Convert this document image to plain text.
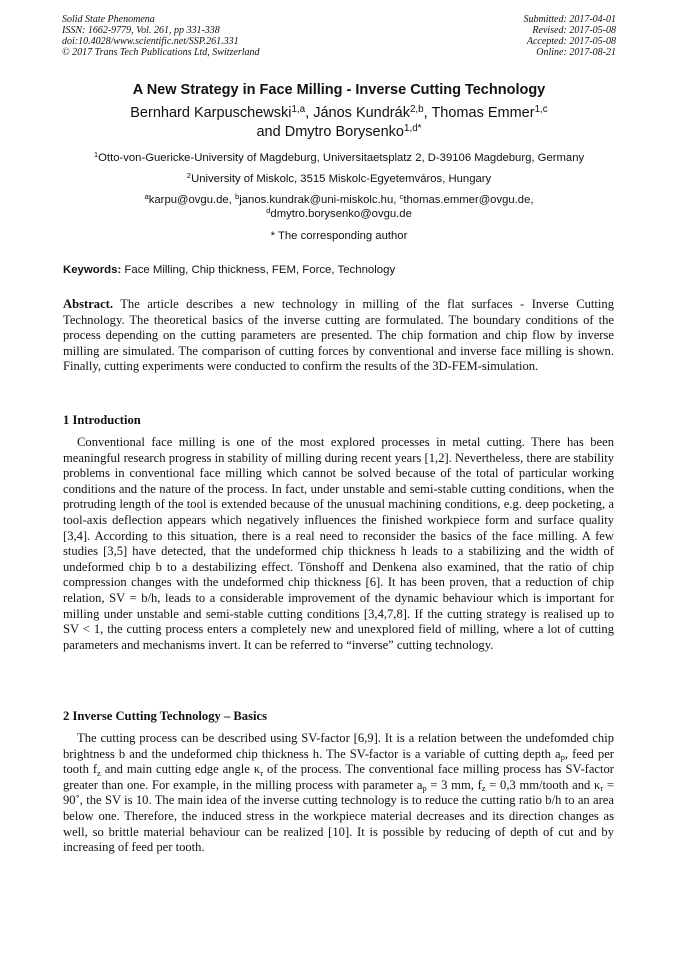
Solid State Phenomena
ISSN: 1662-9779, Vol. 261, pp 331-338
doi:10.4028/www.scientific.net/SSP.261.331
© 2017 Trans Tech Publications Ltd, Switzerland
Submitted: 2017-04-01
Revised: 2017-05-08
Accepted: 2017-05-08
Online: 2017-08-21
A New Strategy in Face Milling - Inverse Cutting Technology
Bernhard Karpuschewski$^{1,a}$, János Kundrák$^{2,b}$, Thomas Emmer$^{1,c}$
and Dmytro Borysenko$^{1,d*}$
$^1$Otto-von-Guericke-University of Magdeburg, Universitaetsplatz 2, D-39106 Magdeburg, Germany
$^2$University of Miskolc, 3515 Miskolc-Egyetemváros, Hungary
$^a$karpu@ovgu.de, $^b$janos.kundrak@uni-miskolc.hu, $^c$thomas.emmer@ovgu.de,
$^d$dmytro.borysenko@ovgu.de
* The corresponding author
Keywords: Face Milling, Chip thickness, FEM, Force, Technology
Abstract. The article describes a new technology in milling of the flat surfaces - Inverse Cutting Technology. The theoretical basics of the inverse cutting are formulated. The boundary conditions of the process depending on the cutting parameters are presented. The chip formation and chip flow by inverse milling are simulated. The comparison of cutting forces by conventional and inverse face milling is shown. Finally, cutting experiments were conducted to confirm the results of the 3D-FEM-simulation.
1 Introduction

Conventional face milling is one of the most explored processes in metal cutting. There has been meaningful research progress in stability of milling during recent years [1,2]. Nevertheless, there are stability problems in conventional face milling which cannot be solved because of the total of particular working conditions and the nature of the process. In fact, under unstable and semi-stable cutting conditions, when the protruding length of the tool is extended because of the unusual machining conditions, e.g. deep pocketing, a tool-axis deflection appears which negatively influences the finished workpiece form and surface quality [3,4]. According to this situation, there is a real need to reconsider the basics of the face milling. A few studies [3,5] have detected, that the undeformed chip thickness h leads to a stabilizing and the width of undeformed chip b to a destabilizing effect. Tönshoff and Denkena also examined, that the ratio of chip compression changes with the undeformed chip thickness [6]. It has been proven, that a reduction of chip relation, SV = b/h, leads to a considerable improvement of the dynamic behaviour which is important for milling under unstable and semi-stable cutting conditions [3,4,7,8]. If the cutting strategy is realised up to SV < 1, the cutting process enters a completely new and unexplored field of milling, where a lot of cutting parameters and mechanisms invert. It can be referred to “inverse” cutting technology.

2 Inverse Cutting Technology – Basics

The cutting process can be described using SV-factor [6,9]. It is a relation between the undefomded chip brightness b and the undeformed chip thickness h. The SV-factor is a variable of cutting depth $a_p$, feed per tooth $f_z$ and main cutting edge angle $\kappa_r$ of the process. The conventional face milling process has SV-factor greater than one. For example, in the milling process with parameter $a_p = 3$ mm, $f_z = 0,3$ mm/tooth and $\kappa_r$ = 90˚, the SV is 10. The main idea of the inverse cutting technology is to reduce the cutting ratio b/h to an area below one. Therefore, the induced stress in the workpiece material decreases and its direction changes as well, so brittle material behaviour can be realized [10]. It is possible by reducing of depth of cut and by increasing of feed per tooth.
